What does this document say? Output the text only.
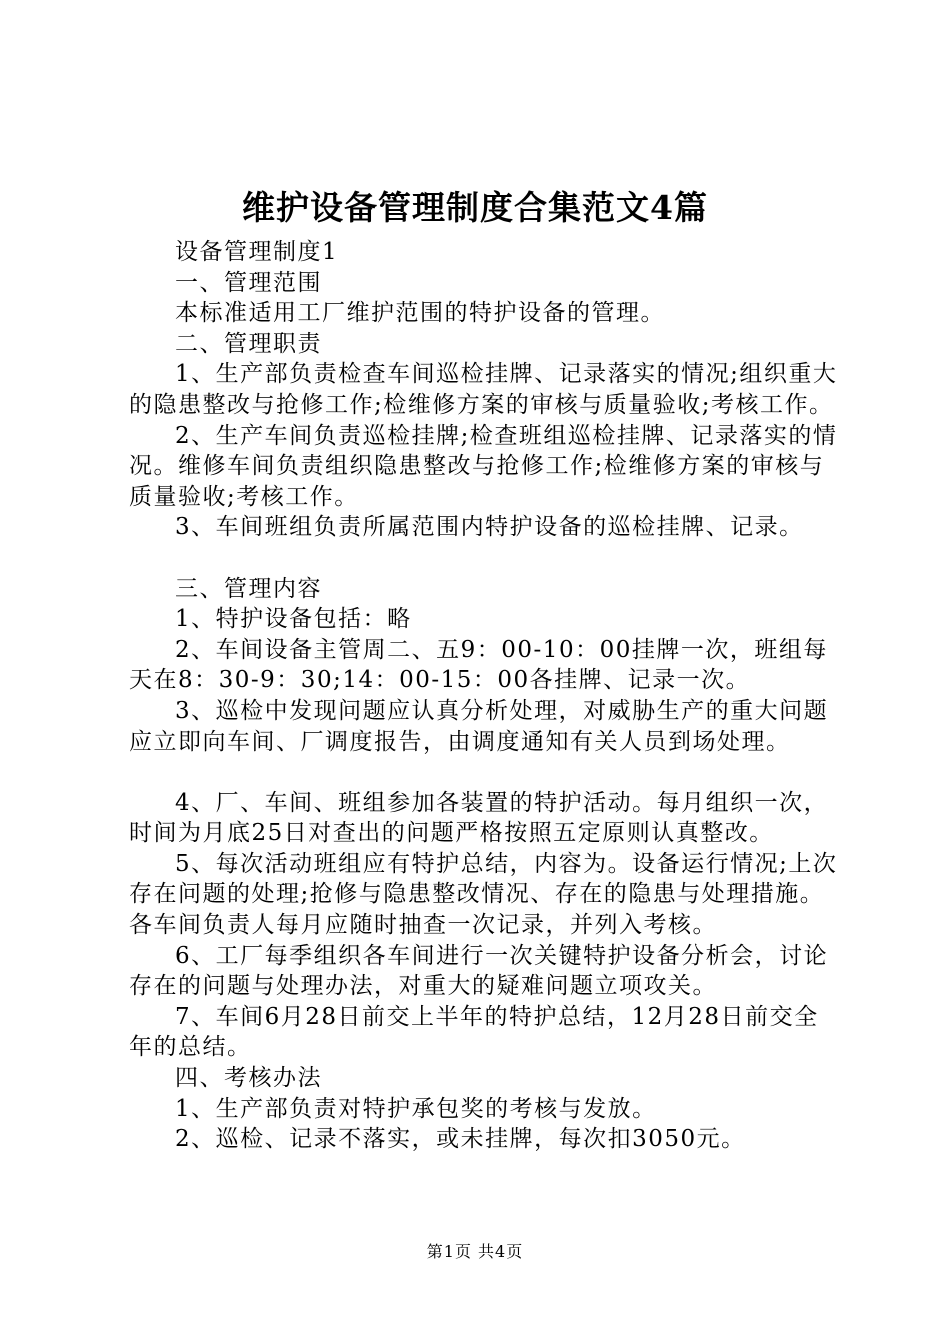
维护设备管理制度合集范文4篇

设备管理制度1

一、管理范围

本标准适用工厂维护范围的特护设备的管理。

二、管理职责

1、生产部负责检查车间巡检挂牌、记录落实的情况;组织重大的隐患整改与抢修工作;检维修方案的审核与质量验收;考核工作。

2、生产车间负责巡检挂牌;检查班组巡检挂牌、记录落实的情况。维修车间负责组织隐患整改与抢修工作;检维修方案的审核与质量验收;考核工作。

3、车间班组负责所属范围内特护设备的巡检挂牌、记录。

三、管理内容

1、特护设备包括：略

2、车间设备主管周二、五9：00-10：00挂牌一次，班组每天在8：30-9：30;14：00-15：00各挂牌、记录一次。

3、巡检中发现问题应认真分析处理，对威胁生产的重大问题应立即向车间、厂调度报告，由调度通知有关人员到场处理。

4、厂、车间、班组参加各装置的特护活动。每月组织一次，时间为月底25日对查出的问题严格按照五定原则认真整改。

5、每次活动班组应有特护总结，内容为。设备运行情况;上次存在问题的处理;抢修与隐患整改情况、存在的隐患与处理措施。各车间负责人每月应随时抽查一次记录，并列入考核。

6、工厂每季组织各车间进行一次关键特护设备分析会，讨论存在的问题与处理办法，对重大的疑难问题立项攻关。

7、车间6月28日前交上半年的特护总结，12月28日前交全年的总结。

四、考核办法

1、生产部负责对特护承包奖的考核与发放。

2、巡检、记录不落实，或未挂牌，每次扣3050元。

第1页 共4页
